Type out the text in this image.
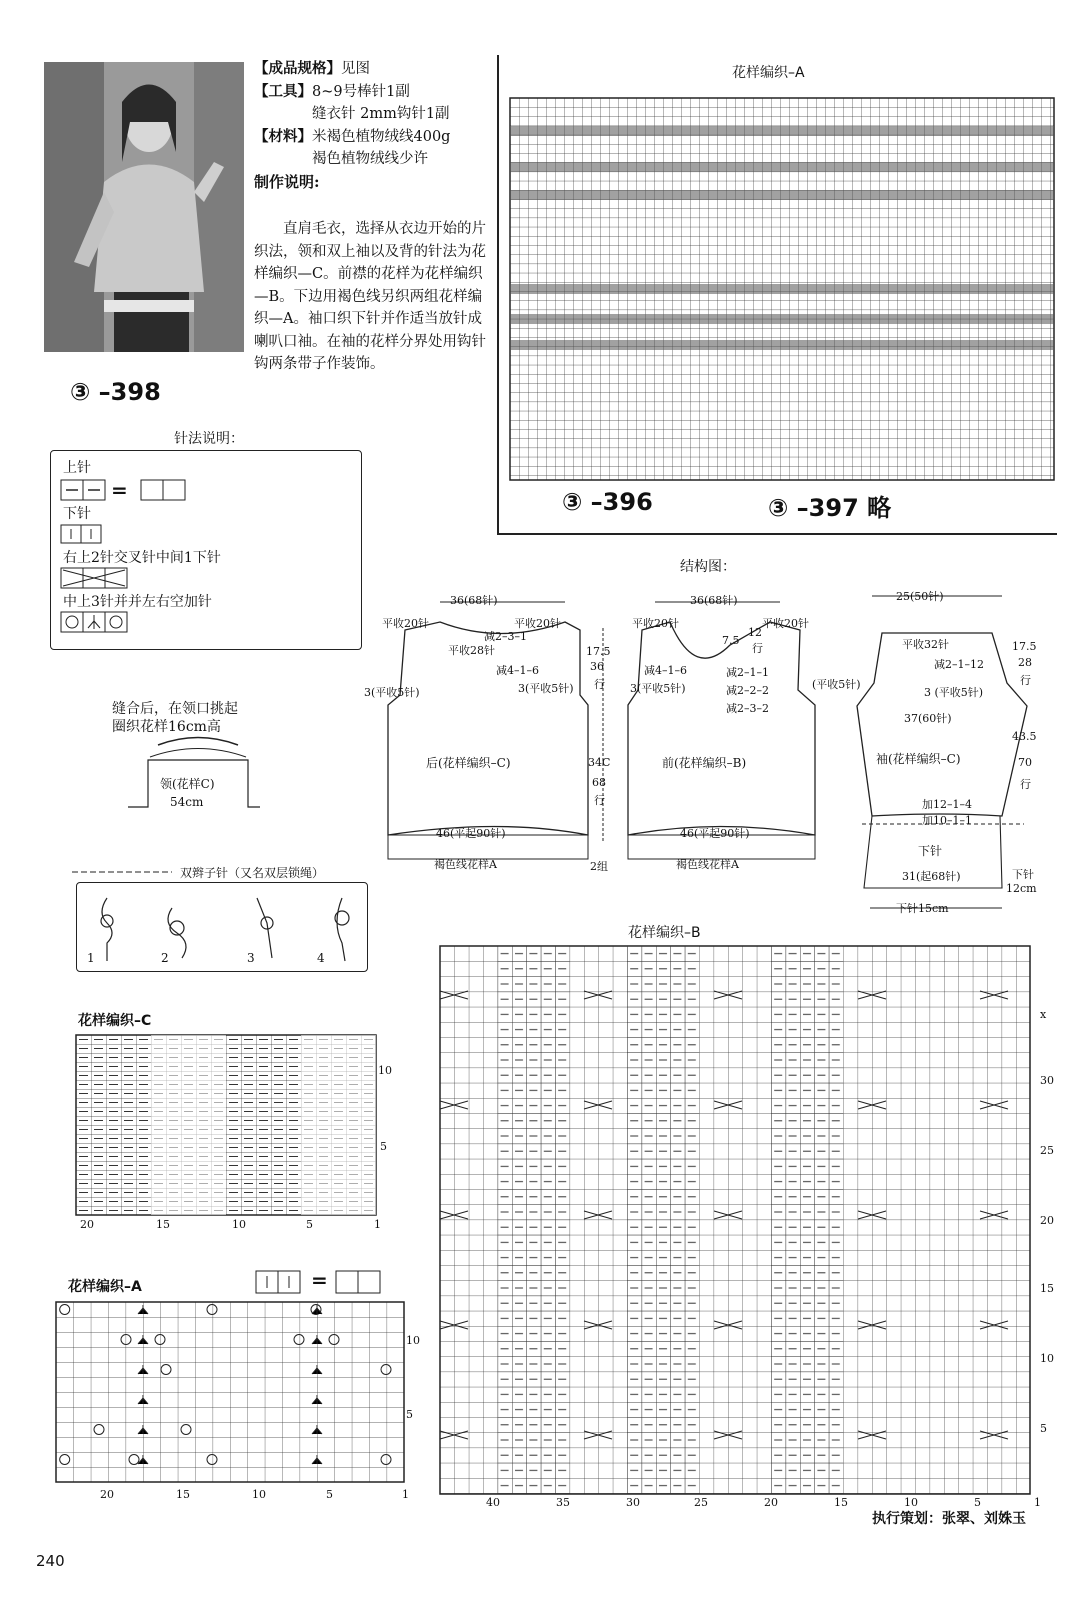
【成品规格】见图
【工具】8~9号棒针1副
缝衣针 2mm钩针1副
【材料】米褐色植物绒线400g
褐色植物绒线少许
制作说明:
直肩毛衣，选择从衣边开始的片织法，领和双上袖以及背的针法为花样编织—C。前襟的花样为花样编织—B。下边用褐色线另织两组花样编织—A。袖口织下针并作适当放针成喇叭口袖。在袖的花样分界处用钩针钩两条带子作装饰。
③ –398
花样编织–A
③ –396	③ –397 略
针法说明：
上针
=
下针
右上2针交叉针中间1下针
中上3针并并左右空加针
缝合后，在领口挑起
圈织花样16cm高
领(花样C)
54cm
双辫子针（又名双层锁绳）
1	2	3	4
结构图：
36(68针)
平收20针	平收20针
减2–3–1
平收28针
减4–1–6
3(平收5针)	3(平收5针)
后(花样编织–C)
46(平起90针)
褐色线花样A
17.5
36
行
34C
68
行
2组
36(68针)
平收20针	平收20针
7.5
12
行
减4–1–6
3(平收5针)	(平收5针)
减2–1–1
减2–2–2
减2–3–2
前(花样编织–B)
46(平起90针)
褐色线花样A
25(50针)
平收32针
减2–1–12
3 (平收5针)
37(60针)
袖(花样编织–C)
加12–1–4
加10–1–1
下针
31(起68针)
下针15cm
17.5
28
行
43.5
70
行
下针
12cm
花样编织–C
20	15	10	5	1
10
5
花样编织–A	=
20	15	10	5	1
10
5
花样编织–B
40	35	30	25	20	15	10	5	1
x
30
25
20
15
10
5
240
执行策划：张翠、刘姝玉
